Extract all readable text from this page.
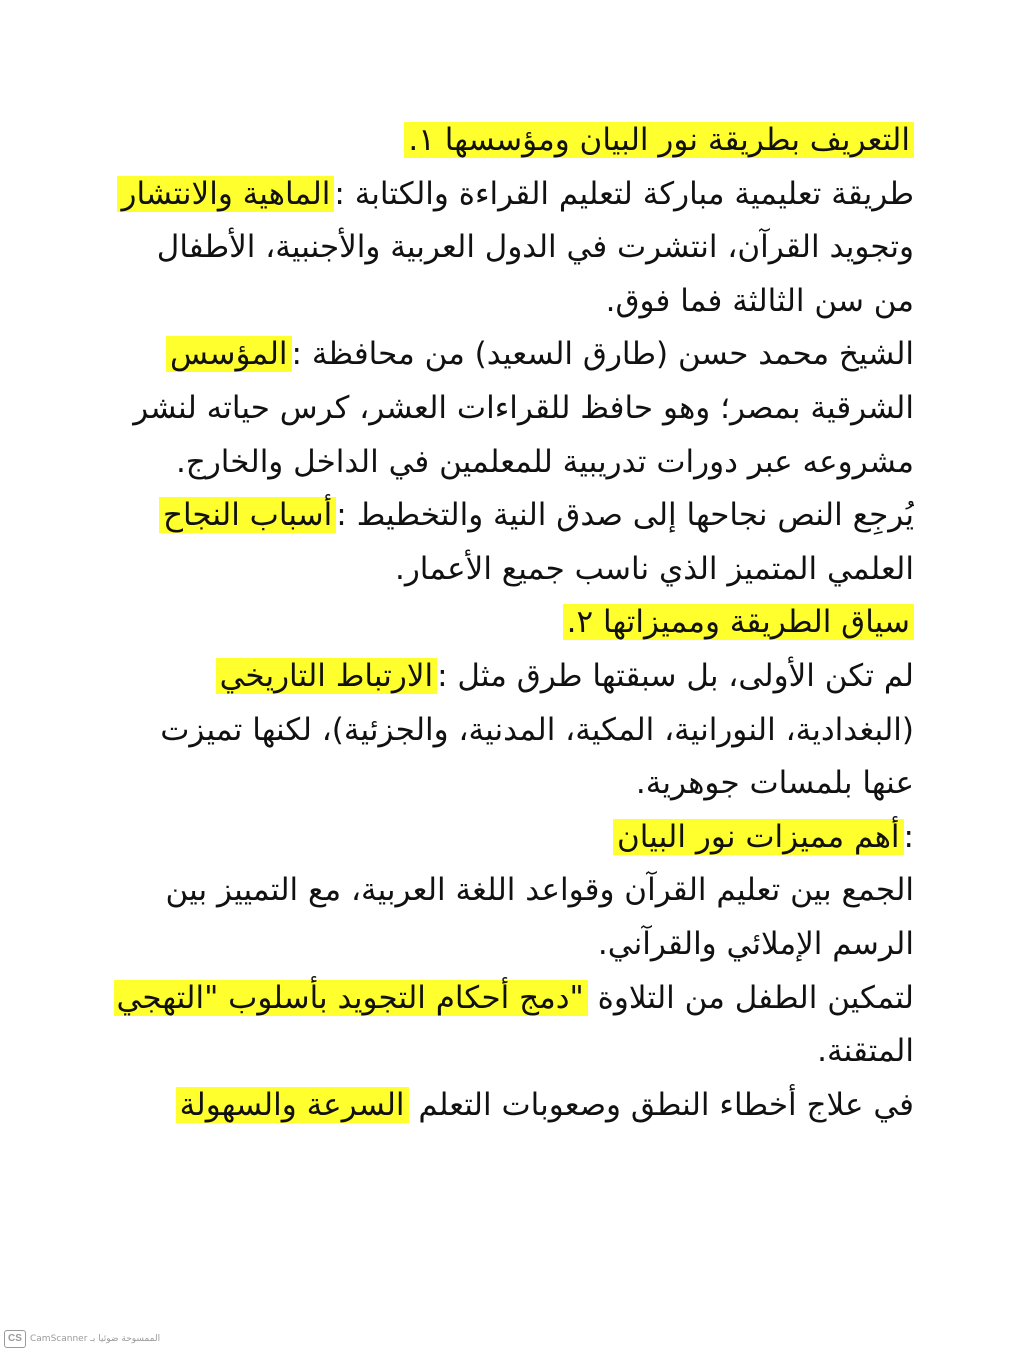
التعريف بطريقة نور البيان ومؤسسها ١.
طريقة تعليمية مباركة لتعليم القراءة والكتابة :الماهية والانتشار
وتجويد القرآن، انتشرت في الدول العربية والأجنبية، الأطفال
من سن الثالثة فما فوق.
الشيخ محمد حسن (طارق السعيد) من محافظة :المؤسس
الشرقية بمصر؛ وهو حافظ للقراءات العشر، كرس حياته لنشر
مشروعه عبر دورات تدريبية للمعلمين في الداخل والخارج.
يُرجِع النص نجاحها إلى صدق النية والتخطيط :أسباب النجاح
العلمي المتميز الذي ناسب جميع الأعمار.
سياق الطريقة ومميزاتها ٢.
لم تكن الأولى، بل سبقتها طرق مثل :الارتباط التاريخي
(البغدادية، النورانية، المكية، المدنية، والجزئية)، لكنها تميزت
عنها بلمسات جوهرية.
:أهم مميزات نور البيان
الجمع بين تعليم القرآن وقواعد اللغة العربية، مع التمييز بين
الرسم الإملائي والقرآني.
لتمكين الطفل من التلاوة "دمج أحكام التجويد بأسلوب "التهجي
المتقنة.
في علاج أخطاء النطق وصعوبات التعلم السرعة والسهولة
CS الممسوحة ضوئيا بـ CamScanner
